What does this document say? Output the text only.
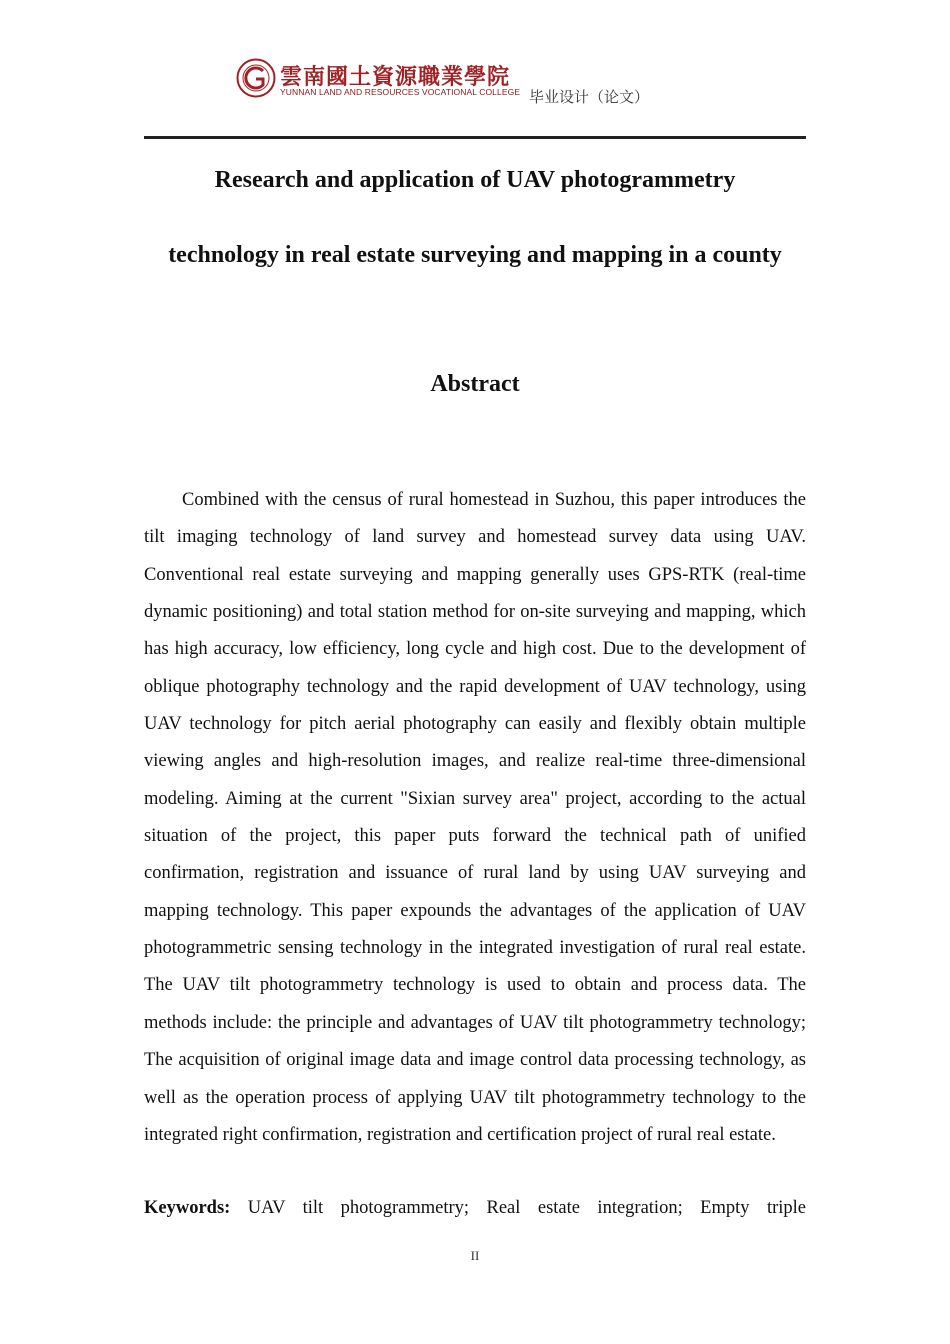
雲南國土資源職業學院
YUNNAN LAND AND RESOURCES VOCATIONAL COLLEGE 毕业设计（论文）
Research and application of UAV photogrammetry
technology in real estate surveying and mapping in a county
Abstract

Combined with the census of rural homestead in Suzhou, this paper introduces the tilt imaging technology of land survey and homestead survey data using UAV. Conventional real estate surveying and mapping generally uses GPS-RTK (real-time dynamic positioning) and total station method for on-site surveying and mapping, which has high accuracy, low efficiency, long cycle and high cost. Due to the development of oblique photography technology and the rapid development of UAV technology, using UAV technology for pitch aerial photography can easily and flexibly obtain multiple viewing angles and high-resolution images, and realize real-time three-dimensional modeling. Aiming at the current "Sixian survey area" project, according to the actual situation of the project, this paper puts forward the technical path of unified confirmation, registration and issuance of rural land by using UAV surveying and mapping technology. This paper expounds the advantages of the application of UAV photogrammetric sensing technology in the integrated investigation of rural real estate. The UAV tilt photogrammetry technology is used to obtain and process data. The methods include: the principle and advantages of UAV tilt photogrammetry technology; The acquisition of original image data and image control data processing technology, as well as the operation process of applying UAV tilt photogrammetry technology to the integrated right confirmation, registration and certification project of rural real estate.

Keywords: UAV tilt photogrammetry; Real estate integration; Empty triple
II
